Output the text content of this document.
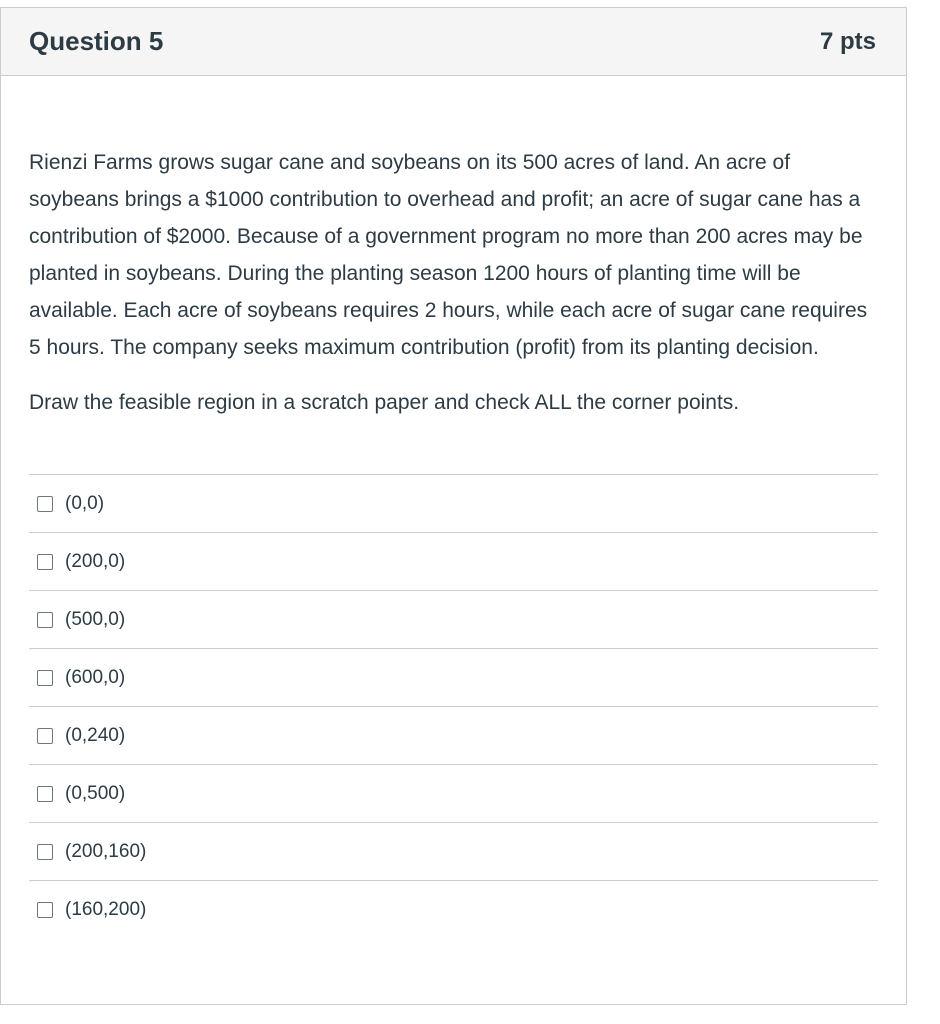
Question 5	7 pts

Rienzi Farms grows sugar cane and soybeans on its 500 acres of land. An acre of soybeans brings a $1000 contribution to overhead and profit; an acre of sugar cane has a contribution of $2000. Because of a government program no more than 200 acres may be planted in soybeans. During the planting season 1200 hours of planting time will be available. Each acre of soybeans requires 2 hours, while each acre of sugar cane requires 5 hours. The company seeks maximum contribution (profit) from its planting decision.

Draw the feasible region in a scratch paper and check ALL the corner points.

(0,0)
(200,0)
(500,0)
(600,0)
(0,240)
(0,500)
(200,160)
(160,200)
